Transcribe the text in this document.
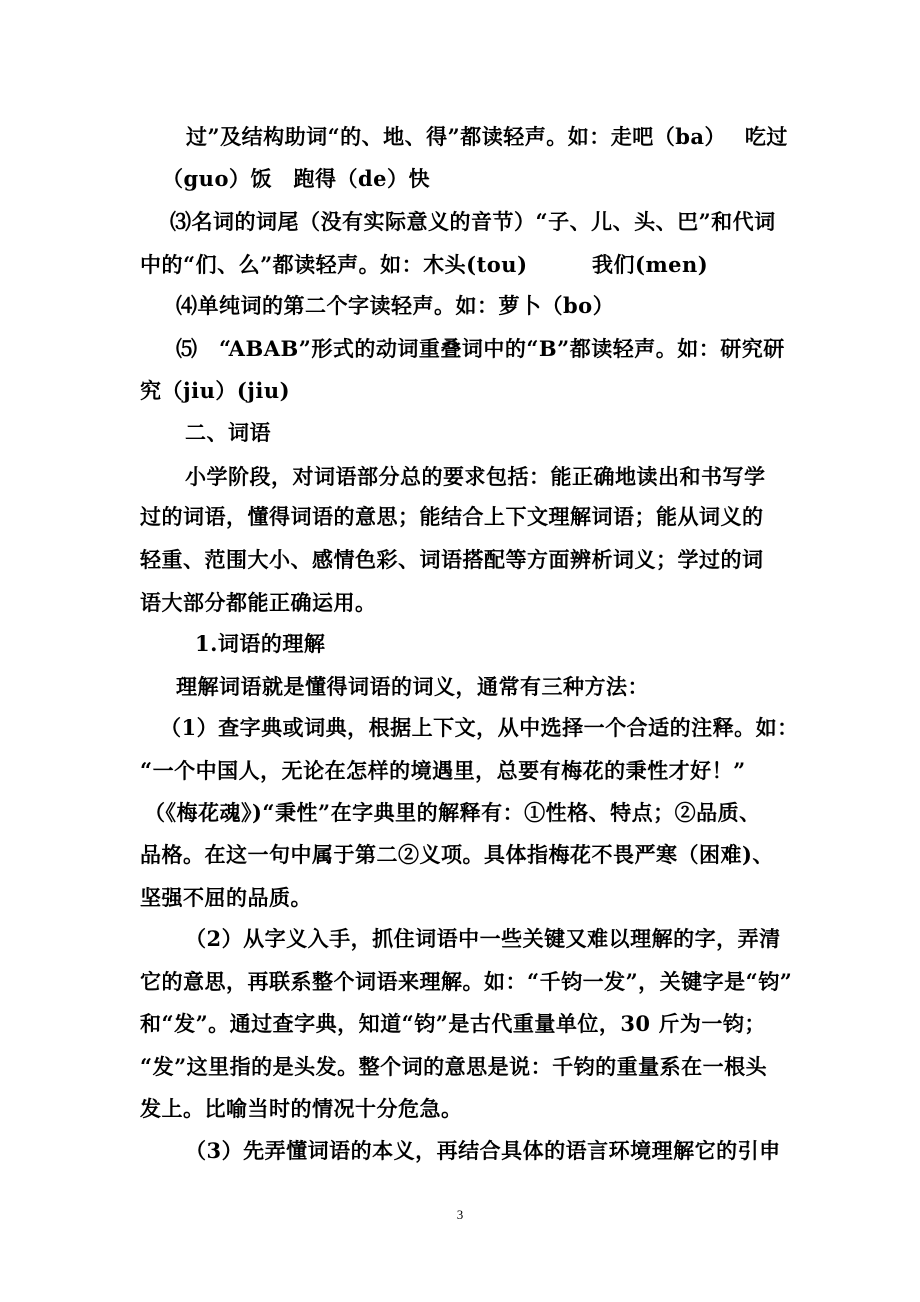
过”及结构助词“的、地、得”都读轻声。如：走吧（ba）　 吃过
（guo）饭　跑得（de）快
⑶名词的词尾（没有实际意义的音节）“子、儿、头、巴”和代词
中的“们、么”都读轻声。如：木头(tou)　　　我们(men)
⑷单纯词的第二个字读轻声。如：萝卜（bo）
⑸　“ABAB”形式的动词重叠词中的“B”都读轻声。如：研究研
究（jiu）(jiu)
二、词语
小学阶段，对词语部分总的要求包括：能正确地读出和书写学
过的词语，懂得词语的意思；能结合上下文理解词语；能从词义的
轻重、范围大小、感情色彩、词语搭配等方面辨析词义；学过的词
语大部分都能正确运用。
1.词语的理解
理解词语就是懂得词语的词义，通常有三种方法：
（1）查字典或词典，根据上下文，从中选择一个合适的注释。如：
“一个中国人，无论在怎样的境遇里，总要有梅花的秉性才好！”
（《梅花魂》)“秉性”在字典里的解释有：①性格、特点；②品质、
品格。在这一句中属于第二②义项。具体指梅花不畏严寒（困难)、
坚强不屈的品质。
（2）从字义入手，抓住词语中一些关键又难以理解的字，弄清
它的意思，再联系整个词语来理解。如：“千钧一发”，关键字是“钧”
和“发”。通过查字典，知道“钧”是古代重量单位，30 斤为一钧；
“发”这里指的是头发。整个词的意思是说：千钧的重量系在一根头
发上。比喻当时的情况十分危急。
（3）先弄懂词语的本义，再结合具体的语言环境理解它的引申
3
